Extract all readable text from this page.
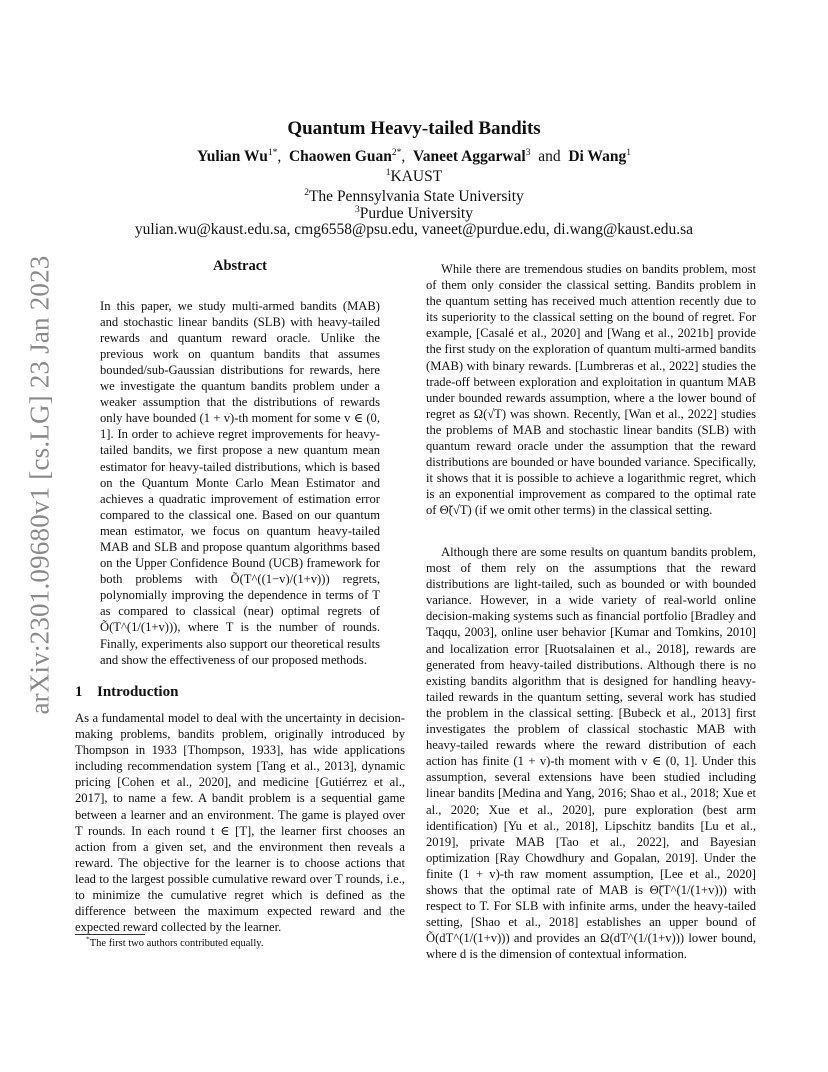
arXiv:2301.09680v1 [cs.LG] 23 Jan 2023
Quantum Heavy-tailed Bandits
Yulian $Wu^{1*}$, Chaowen Guan$^{2*}$, Vaneet Aggarwal$^3$ and Di Wang$^1$
$^1$KAUST
$^2$The Pennsylvania State University
$^3$Purdue University
yulian.wu@kaust.edu.sa, cmg6558@psu.edu, vaneet@purdue.edu, di.wang@kaust.edu.sa
Abstract

In this paper, we study multi-armed bandits (MAB) and stochastic linear bandits (SLB) with heavy-tailed rewards and quantum reward oracle. Unlike the previous work on quantum bandits that assumes bounded/sub-Gaussian distributions for rewards, here we investigate the quantum bandits problem under a weaker assumption that the distributions of rewards only have bounded (1 + v)-th moment for some v ∈ (0, 1]. In order to achieve regret improvements for heavy-tailed bandits, we first propose a new quantum mean estimator for heavy-tailed distributions, which is based on the Quantum Monte Carlo Mean Estimator and achieves a quadratic improvement of estimation error compared to the classical one. Based on our quantum mean estimator, we focus on quantum heavy-tailed MAB and SLB and propose quantum algorithms based on the Upper Confidence Bound (UCB) framework for both problems with Õ(T^((1−v)/(1+v))) regrets, polynomially improving the dependence in terms of T as compared to classical (near) optimal regrets of Õ(T^(1/(1+v))), where T is the number of rounds. Finally, experiments also support our theoretical results and show the effectiveness of our proposed methods.

1 Introduction

As a fundamental model to deal with the uncertainty in decision-making problems, bandits problem, originally introduced by Thompson in 1933 [Thompson, 1933], has wide applications including recommendation system [Tang et al., 2013], dynamic pricing [Cohen et al., 2020], and medicine [Gutiérrez et al., 2017], to name a few. A bandit problem is a sequential game between a learner and an environment. The game is played over T rounds. In each round t ∈ [T], the learner first chooses an action from a given set, and the environment then reveals a reward. The objective for the learner is to choose actions that lead to the largest possible cumulative reward over T rounds, i.e., to minimize the cumulative regret which is defined as the difference between the maximum expected reward and the expected reward collected by the learner.

While there are tremendous studies on bandits problem, most of them only consider the classical setting. Bandits problem in the quantum setting has received much attention recently due to its superiority to the classical setting on the bound of regret. For example, [Casalé et al., 2020] and [Wang et al., 2021b] provide the first study on the exploration of quantum multi-armed bandits (MAB) with binary rewards. [Lumbreras et al., 2022] studies the trade-off between exploration and exploitation in quantum MAB under bounded rewards assumption, where a the lower bound of regret as Ω(√T) was shown. Recently, [Wan et al., 2022] studies the problems of MAB and stochastic linear bandits (SLB) with quantum reward oracle under the assumption that the reward distributions are bounded or have bounded variance. Specifically, it shows that it is possible to achieve a logarithmic regret, which is an exponential improvement as compared to the optimal rate of Θ̃(√T) (if we omit other terms) in the classical setting.

Although there are some results on quantum bandits problem, most of them rely on the assumptions that the reward distributions are light-tailed, such as bounded or with bounded variance. However, in a wide variety of real-world online decision-making systems such as financial portfolio [Bradley and Taqqu, 2003], online user behavior [Kumar and Tomkins, 2010] and localization error [Ruotsalainen et al., 2018], rewards are generated from heavy-tailed distributions. Although there is no existing bandits algorithm that is designed for handling heavy-tailed rewards in the quantum setting, several work has studied the problem in the classical setting. [Bubeck et al., 2013] first investigates the problem of classical stochastic MAB with heavy-tailed rewards where the reward distribution of each action has finite (1 + v)-th moment with v ∈ (0, 1]. Under this assumption, several extensions have been studied including linear bandits [Medina and Yang, 2016; Shao et al., 2018; Xue et al., 2020; Xue et al., 2020], pure exploration (best arm identification) [Yu et al., 2018], Lipschitz bandits [Lu et al., 2019], private MAB [Tao et al., 2022], and Bayesian optimization [Ray Chowdhury and Gopalan, 2019]. Under the finite (1 + v)-th raw moment assumption, [Lee et al., 2020] shows that the optimal rate of MAB is Θ̃(T^(1/(1+v))) with respect to T. For SLB with infinite arms, under the heavy-tailed setting, [Shao et al., 2018] establishes an upper bound of Õ(dT^(1/(1+v))) and provides an Ω(dT^(1/(1+v))) lower bound, where d is the dimension of contextual information.

*The first two authors contributed equally.
